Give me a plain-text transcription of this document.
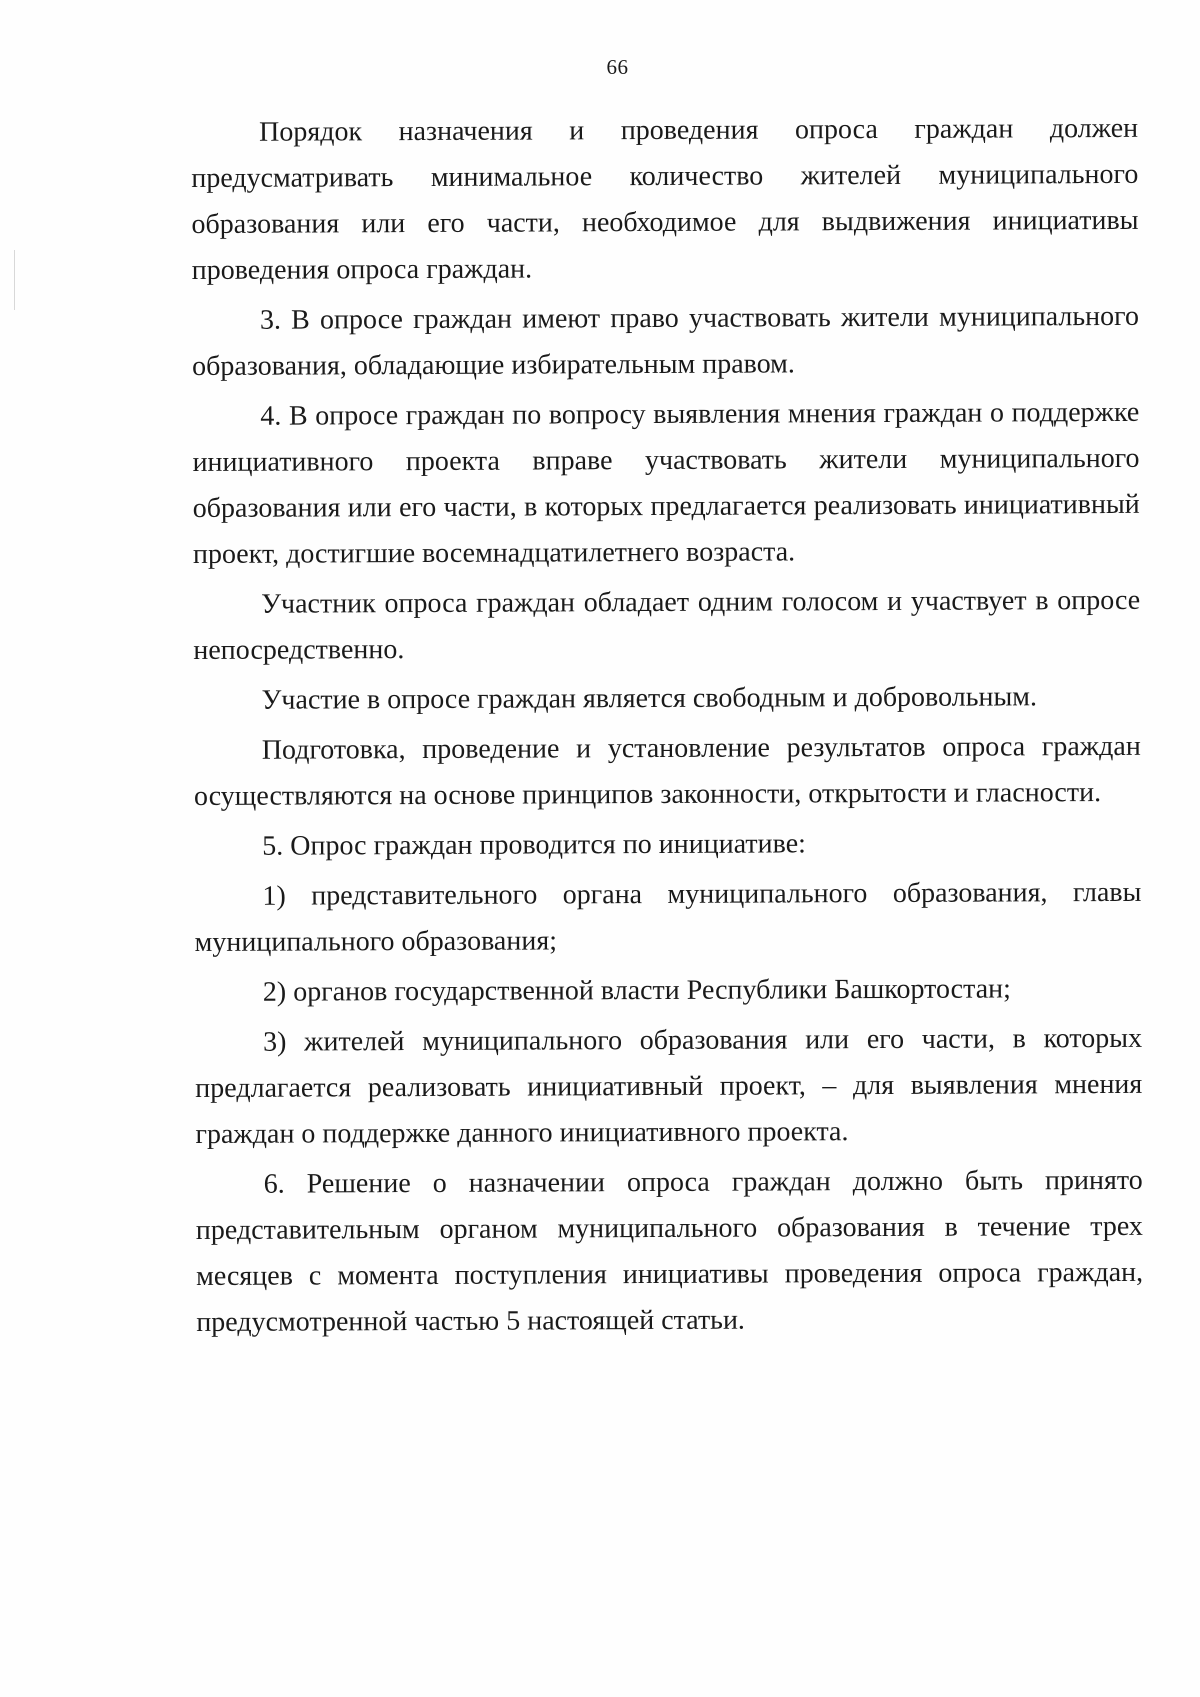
66

Порядок назначения и проведения опроса граждан должен предусматривать минимальное количество жителей муниципального образования или его части, необходимое для выдвижения инициативы проведения опроса граждан.

3. В опросе граждан имеют право участвовать жители муниципального образования, обладающие избирательным правом.

4. В опросе граждан по вопросу выявления мнения граждан о поддержке инициативного проекта вправе участвовать жители муниципального образования или его части, в которых предлагается реализовать инициативный проект, достигшие восемнадцатилетнего возраста.

Участник опроса граждан обладает одним голосом и участвует в опросе непосредственно.

Участие в опросе граждан является свободным и добровольным.

Подготовка, проведение и установление результатов опроса граждан осуществляются на основе принципов законности, открытости и гласности.

5. Опрос граждан проводится по инициативе:

1) представительного органа муниципального образования, главы муниципального образования;

2) органов государственной власти Республики Башкортостан;

3) жителей муниципального образования или его части, в которых предлагается реализовать инициативный проект, – для выявления мнения граждан о поддержке данного инициативного проекта.

6. Решение о назначении опроса граждан должно быть принято представительным органом муниципального образования в течение трех месяцев с момента поступления инициативы проведения опроса граждан, предусмотренной частью 5 настоящей статьи.
